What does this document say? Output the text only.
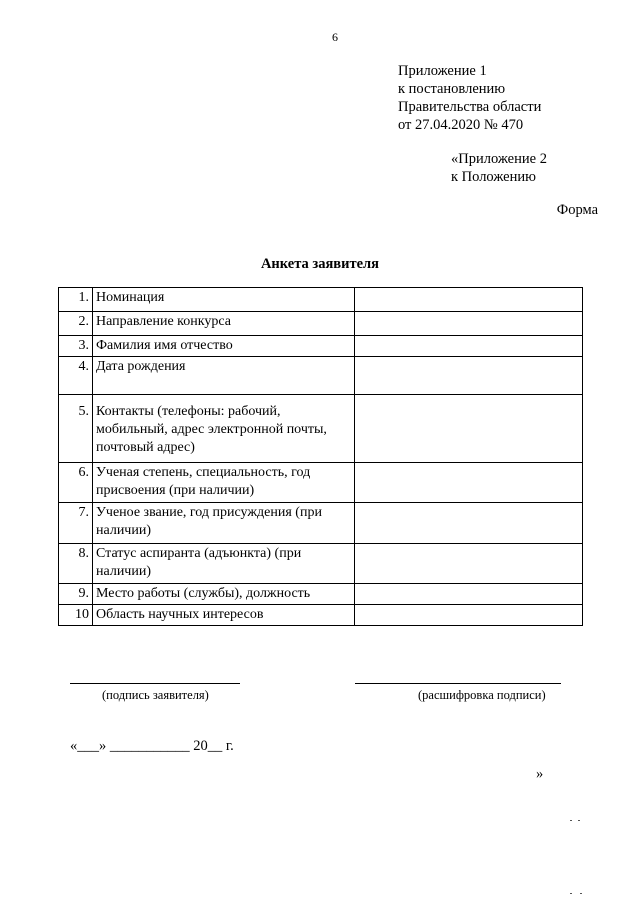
6
Приложение 1
к постановлению
Правительства области
от 27.04.2020 № 470
«Приложение 2
к Положению
Форма
Анкета заявителя
1.	Номинация	
2.	Направление конкурса	
3.	Фамилия имя отчество	
4.	Дата рождения	
5.	Контакты (телефоны: рабочий, мобильный, адрес электронной почты, почтовый адрес)	
6.	Ученая степень, специальность, год присвоения (при наличии)	
7.	Ученое звание, год присуждения (при наличии)	
8.	Статус аспиранта (адъюнкта) (при наличии)	
9.	Место работы (службы), должность	
10	Область научных интересов	
(подпись заявителя)	(расшифровка подписи)
«___» ___________ 20__ г.
»
